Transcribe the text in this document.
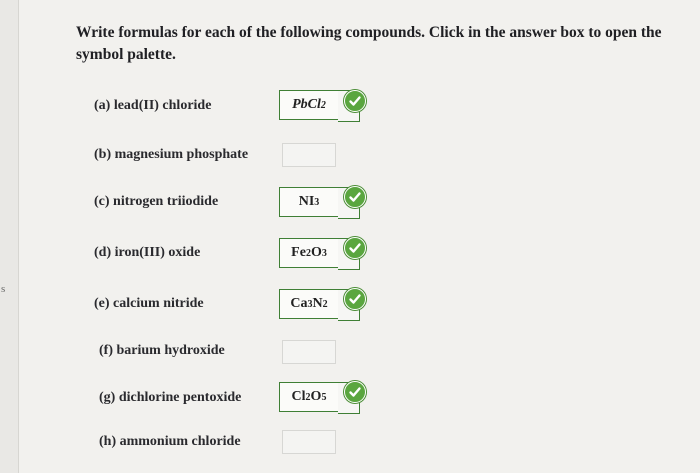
s
Write formulas for each of the following compounds. Click in the answer box to open the symbol palette.
(a) lead(II) chloride	PbCl 2
(b) magnesium phosphate
(c) nitrogen triiodide	NI 3
(d) iron(III) oxide	Fe 2 O 3
(e) calcium nitride	Ca 3 N 2
(f) barium hydroxide
(g) dichlorine pentoxide	Cl 2 O 5
(h) ammonium chloride
